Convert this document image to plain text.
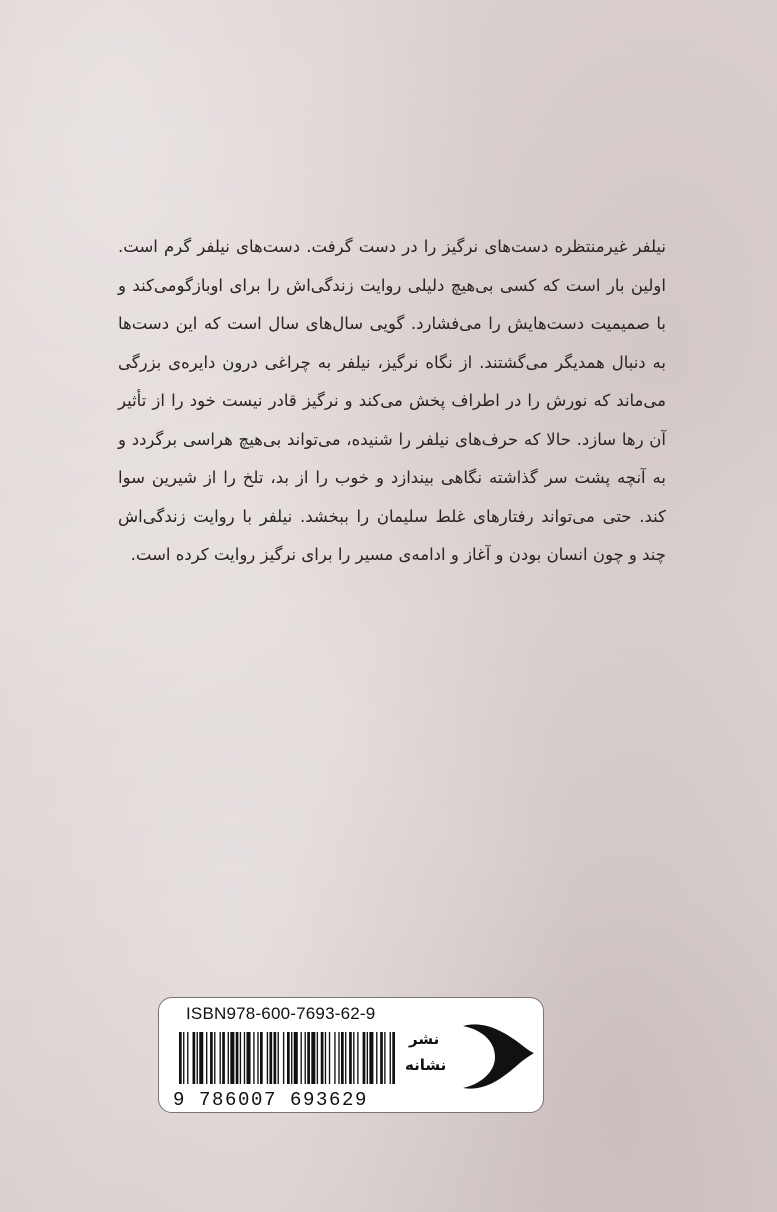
نیلفر غیرمنتظره دست‌های نرگیز را در دست گرفت. دست‌های نیلفر گرم است. اولین بار است که کسی بی‌هیچ دلیلی روایت زندگی‌اش را برای اوبازگومی‌کند و با صمیمیت دست‌هایش را می‌فشارد. گویی سال‌های سال است که این دست‌ها به دنبال همدیگر می‌گشتند. از نگاه نرگیز، نیلفر به چراغی درون دایره‌ی بزرگی می‌ماند که نورش را در اطراف پخش می‌کند و نرگیز قادر نیست خود را از تأثیر آن رها سازد. حالا که حرف‌های نیلفر را شنیده، می‌تواند بی‌هیچ هراسی برگردد و به آنچه پشت سر گذاشته نگاهی بیندازد و خوب را از بد، تلخ را از شیرین سوا کند. حتی می‌تواند رفتارهای غلط سلیمان را ببخشد. نیلفر با روایت زندگی‌اش چند و چون انسان بودن و آغاز و ادامه‌ی مسیر را برای نرگیز روایت کرده است.

ISBN978-600-7693-62-9
9 786007 693629
نشر
نشانه
